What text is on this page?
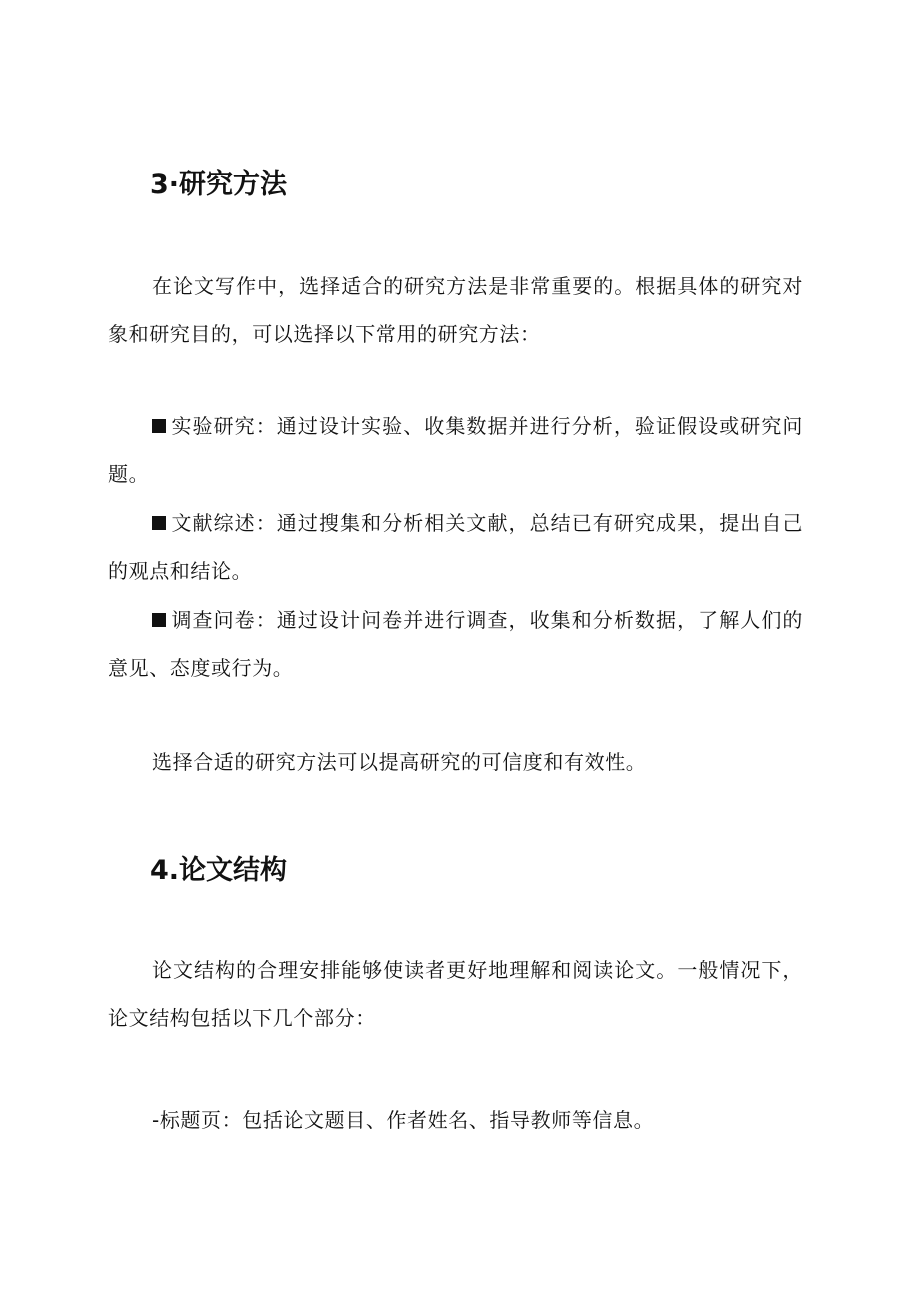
3·研究方法

在论文写作中，选择适合的研究方法是非常重要的。根据具体的研究对象和研究目的，可以选择以下常用的研究方法：

实验研究：通过设计实验、收集数据并进行分析，验证假设或研究问题。

文献综述：通过搜集和分析相关文献，总结已有研究成果，提出自己的观点和结论。

调查问卷：通过设计问卷并进行调查，收集和分析数据，了解人们的意见、态度或行为。

选择合适的研究方法可以提高研究的可信度和有效性。

4.论文结构

论文结构的合理安排能够使读者更好地理解和阅读论文。一般情况下，论文结构包括以下几个部分：

-标题页：包括论文题目、作者姓名、指导教师等信息。
